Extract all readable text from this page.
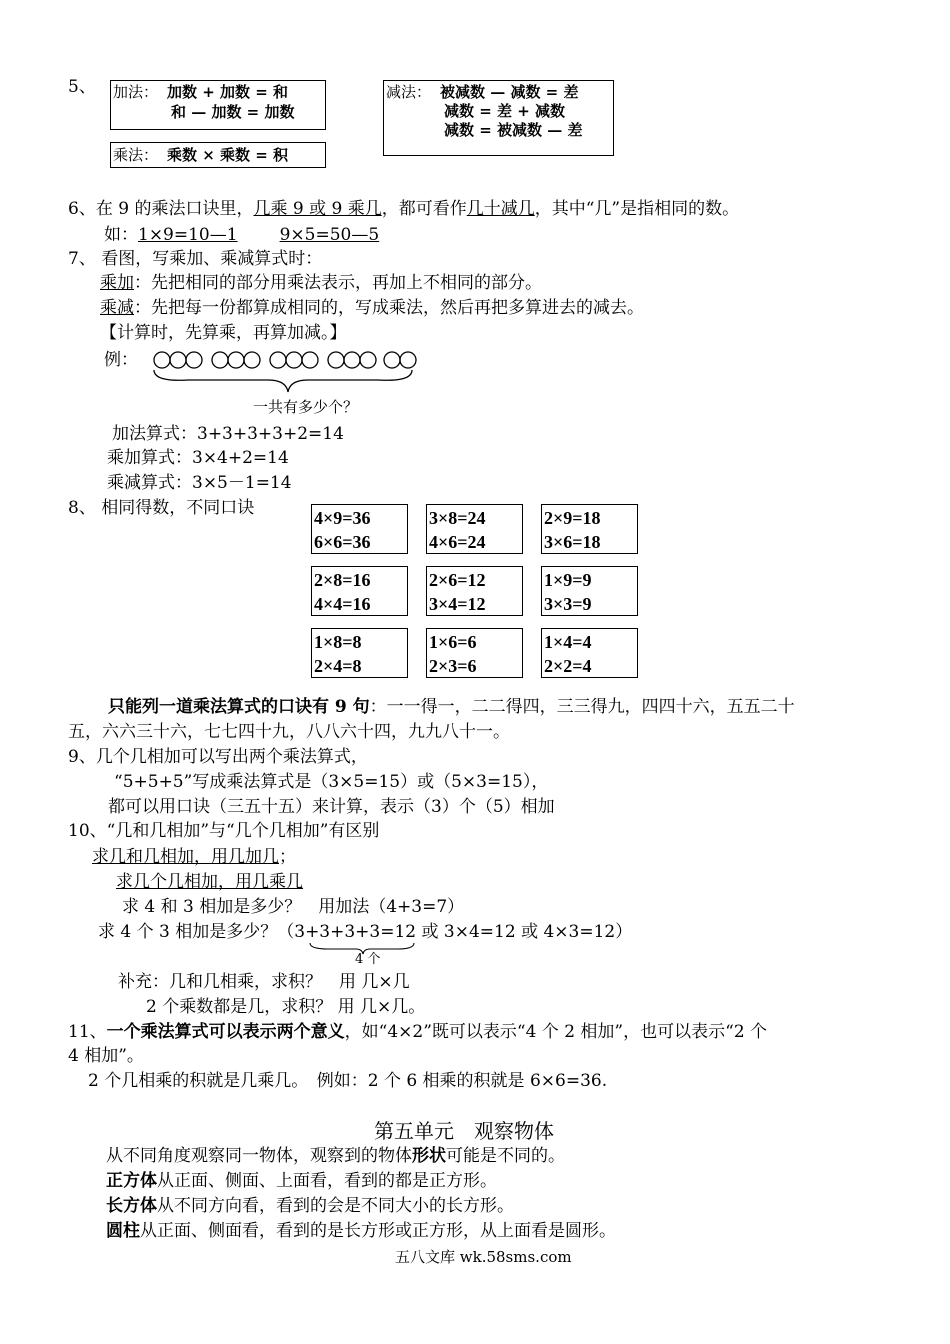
5、 加法： 加数 + 加数 = 和
和 — 加数 = 加数
乘法： 乘数 × 乘数 = 积
减法： 被减数 — 减数 = 差
减数 = 差 + 减数
减数 = 被减数 — 差
6、在 9 的乘法口诀里，几乘 9 或 9 乘几，都可看作几十减几，其中“几”是指相同的数。
如：1×9=10—1 9×5=50—5
7、 看图，写乘加、乘减算式时：
乘加：先把相同的部分用乘法表示，再加上不相同的部分。
乘减：先把每一份都算成相同的，写成乘法，然后再把多算进去的减去。
【计算时，先算乘，再算加减。】
例：
一共有多少个？
加法算式：3+3+3+3+2=14
乘加算式：3×4+2=14
乘减算式：3×5－1=14
8、 相同得数，不同口诀	4×9=36
6×6=36
3×8=24
4×6=24
2×9=18
3×6=18
2×8=16
4×4=16
2×6=12
3×4=12
1×9=9
3×3=9
1×8=8
2×4=8
1×6=6
2×3=6
1×4=4
2×2=4
只能列一道乘法算式的口诀有 9 句：一一得一，二二得四，三三得九，四四十六，五五二十
五，六六三十六，七七四十九，八八六十四，九九八十一。
9、几个几相加可以写出两个乘法算式，
“5+5+5”写成乘法算式是（3×5=15）或（5×3=15），
都可以用口诀（三五十五）来计算，表示（3）个（5）相加
10、“几和几相加”与“几个几相加”有区别
求几和几相加，用几加几；
求几个几相加，用几乘几
求 4 和 3 相加是多少？　用加法（4+3=7）
求 4 个 3 相加是多少？（3+3+3+3=12 或 3×4=12 或 4×3=12）
4 个
补充：几和几相乘，求积？　用 几×几
2 个乘数都是几，求积？ 用 几×几。
11、一个乘法算式可以表示两个意义，如“4×2”既可以表示“4 个 2 相加”，也可以表示“2 个
4 相加”。
2 个几相乘的积就是几乘几。　例如：2 个 6 相乘的积就是 6×6=36.
第五单元　观察物体
从不同角度观察同一物体，观察到的物体形状可能是不同的。
正方体从正面、侧面、上面看，看到的都是正方形。
长方体从不同方向看，看到的会是不同大小的长方形。
圆柱从正面、侧面看，看到的是长方形或正方形，从上面看是圆形。
五八文库 wk.58sms.com
